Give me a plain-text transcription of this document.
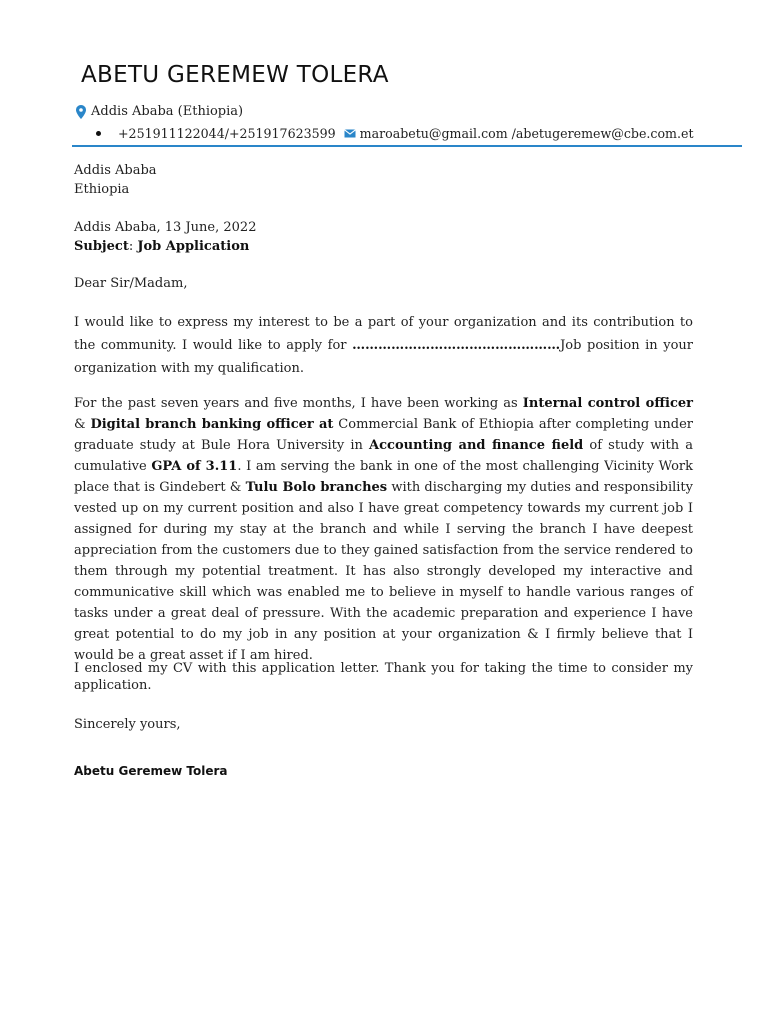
ABETU GEREMEW TOLERA
Addis Ababa (Ethiopia)
+251911122044/+251917623599 maroabetu@gmail.com /abetugeremew@cbe.com.et
Addis Ababa
Ethiopia
Addis Ababa, 13 June, 2022
Subject: Job Application
Dear Sir/Madam,
I would like to express my interest to be a part of your organization and its contribution to the community. I would like to apply for …………………………………………Job position in your organization with my qualification.
For the past seven years and five months, I have been working as Internal control officer & Digital branch banking officer at Commercial Bank of Ethiopia after completing under graduate study at Bule Hora University in Accounting and finance field of study with a cumulative GPA of 3.11. I am serving the bank in one of the most challenging Vicinity Work place that is Gindebert & Tulu Bolo branches with discharging my duties and responsibility vested up on my current position and also I have great competency towards my current job I assigned for during my stay at the branch and while I serving the branch I have deepest appreciation from the customers due to they gained satisfaction from the service rendered to them through my potential treatment. It has also strongly developed my interactive and communicative skill which was enabled me to believe in myself to handle various ranges of tasks under a great deal of pressure. With the academic preparation and experience I have great potential to do my job in any position at your organization & I firmly believe that I would be a great asset if I am hired.
I enclosed my CV with this application letter. Thank you for taking the time to consider my application.
Sincerely yours,
Abetu Geremew Tolera
